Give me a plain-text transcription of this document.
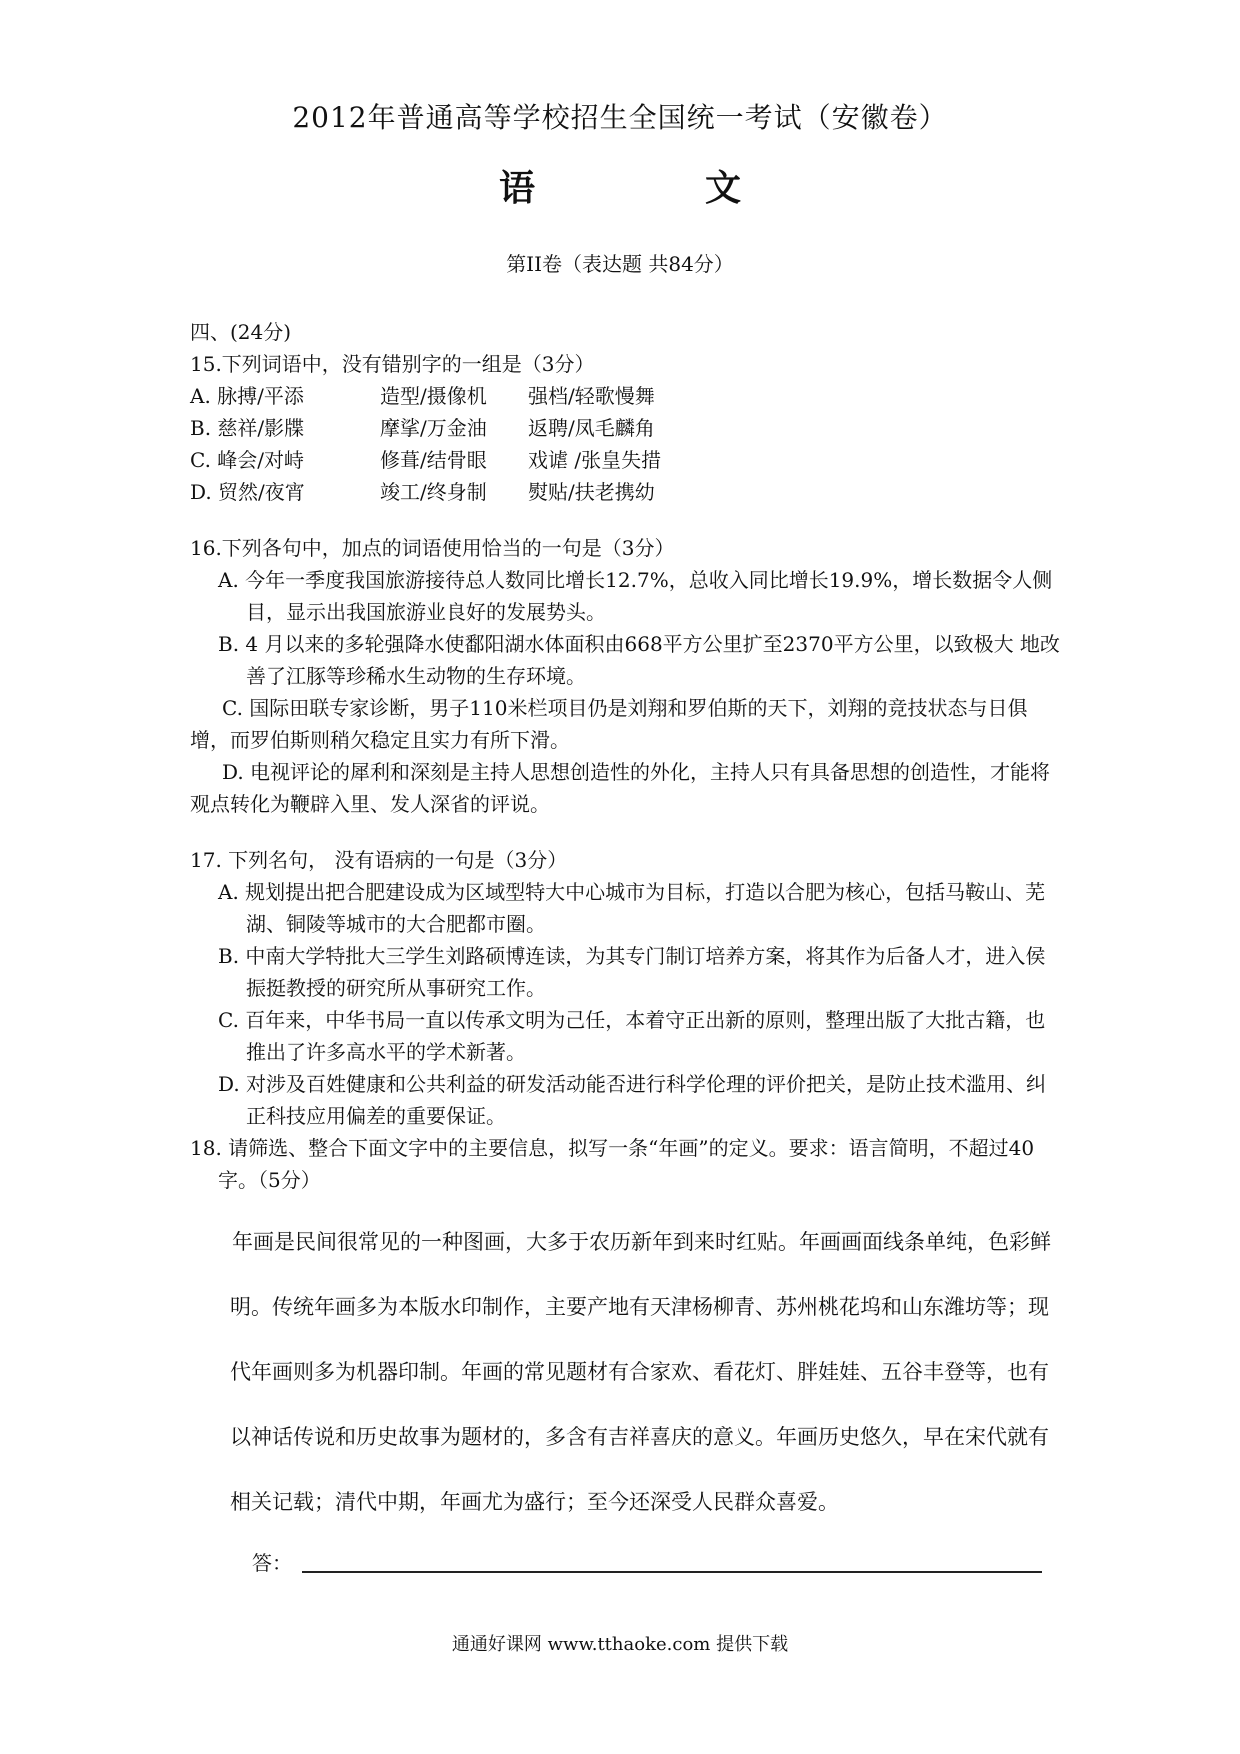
2012年普通高等学校招生全国统一考试（安徽卷）
语	文
第II卷（表达题 共84分）

四、(24分)

15.下列词语中，没有错别字的一组是（3分）

A. 脉搏/平添	造型/摄像机	强档/轻歌慢舞
B. 慈祥/影牒	摩挲/万金油	返聘/凤毛麟角
C. 峰会/对峙	修葺/结骨眼	戏谑 /张皇失措
D. 贸然/夜宵	竣工/终身制	熨贴/扶老携幼

16.下列各句中，加点的词语使用恰当的一句是（3分）

A. 今年一季度我国旅游接待总人数同比增长12.7%，总收入同比增长19.9%，增长数据令人侧目，显示出我国旅游业良好的发展势头。

B. 4 月以来的多轮强降水使鄱阳湖水体面积由668平方公里扩至2370平方公里，以致极大 地改善了江豚等珍稀水生动物的生存环境。

C. 国际田联专家诊断，男子110米栏项目仍是刘翔和罗伯斯的天下，刘翔的竞技状态与日俱增，而罗伯斯则稍欠稳定且实力有所下滑。

D. 电视评论的犀利和深刻是主持人思想创造性的外化，主持人只有具备思想的创造性，才能将观点转化为鞭辟入里、发人深省的评说。

17. 下列名句， 没有语病的一句是（3分）

A. 规划提出把合肥建设成为区域型特大中心城市为目标，打造以合肥为核心，包括马鞍山、芜湖、铜陵等城市的大合肥都市圈。

B. 中南大学特批大三学生刘路硕博连读，为其专门制订培养方案，将其作为后备人才，进入侯振挺教授的研究所从事研究工作。

C. 百年来，中华书局一直以传承文明为己任，本着守正出新的原则，整理出版了大批古籍，也推出了许多高水平的学术新著。

D. 对涉及百姓健康和公共利益的研发活动能否进行科学伦理的评价把关，是防止技术滥用、纠正科技应用偏差的重要保证。

18. 请筛选、整合下面文字中的主要信息，拟写一条“年画”的定义。要求：语言简明，不超过40字。（5分）

年画是民间很常见的一种图画，大多于农历新年到来时红贴。年画画面线条单纯，色彩鲜明。传统年画多为本版水印制作，主要产地有天津杨柳青、苏州桃花坞和山东潍坊等；现代年画则多为机器印制。年画的常见题材有合家欢、看花灯、胖娃娃、五谷丰登等，也有以神话传说和历史故事为题材的，多含有吉祥喜庆的意义。年画历史悠久，早在宋代就有相关记载；清代中期，年画尤为盛行；至今还深受人民群众喜爱。

答：
通通好课网 www.tthaoke.com 提供下载
